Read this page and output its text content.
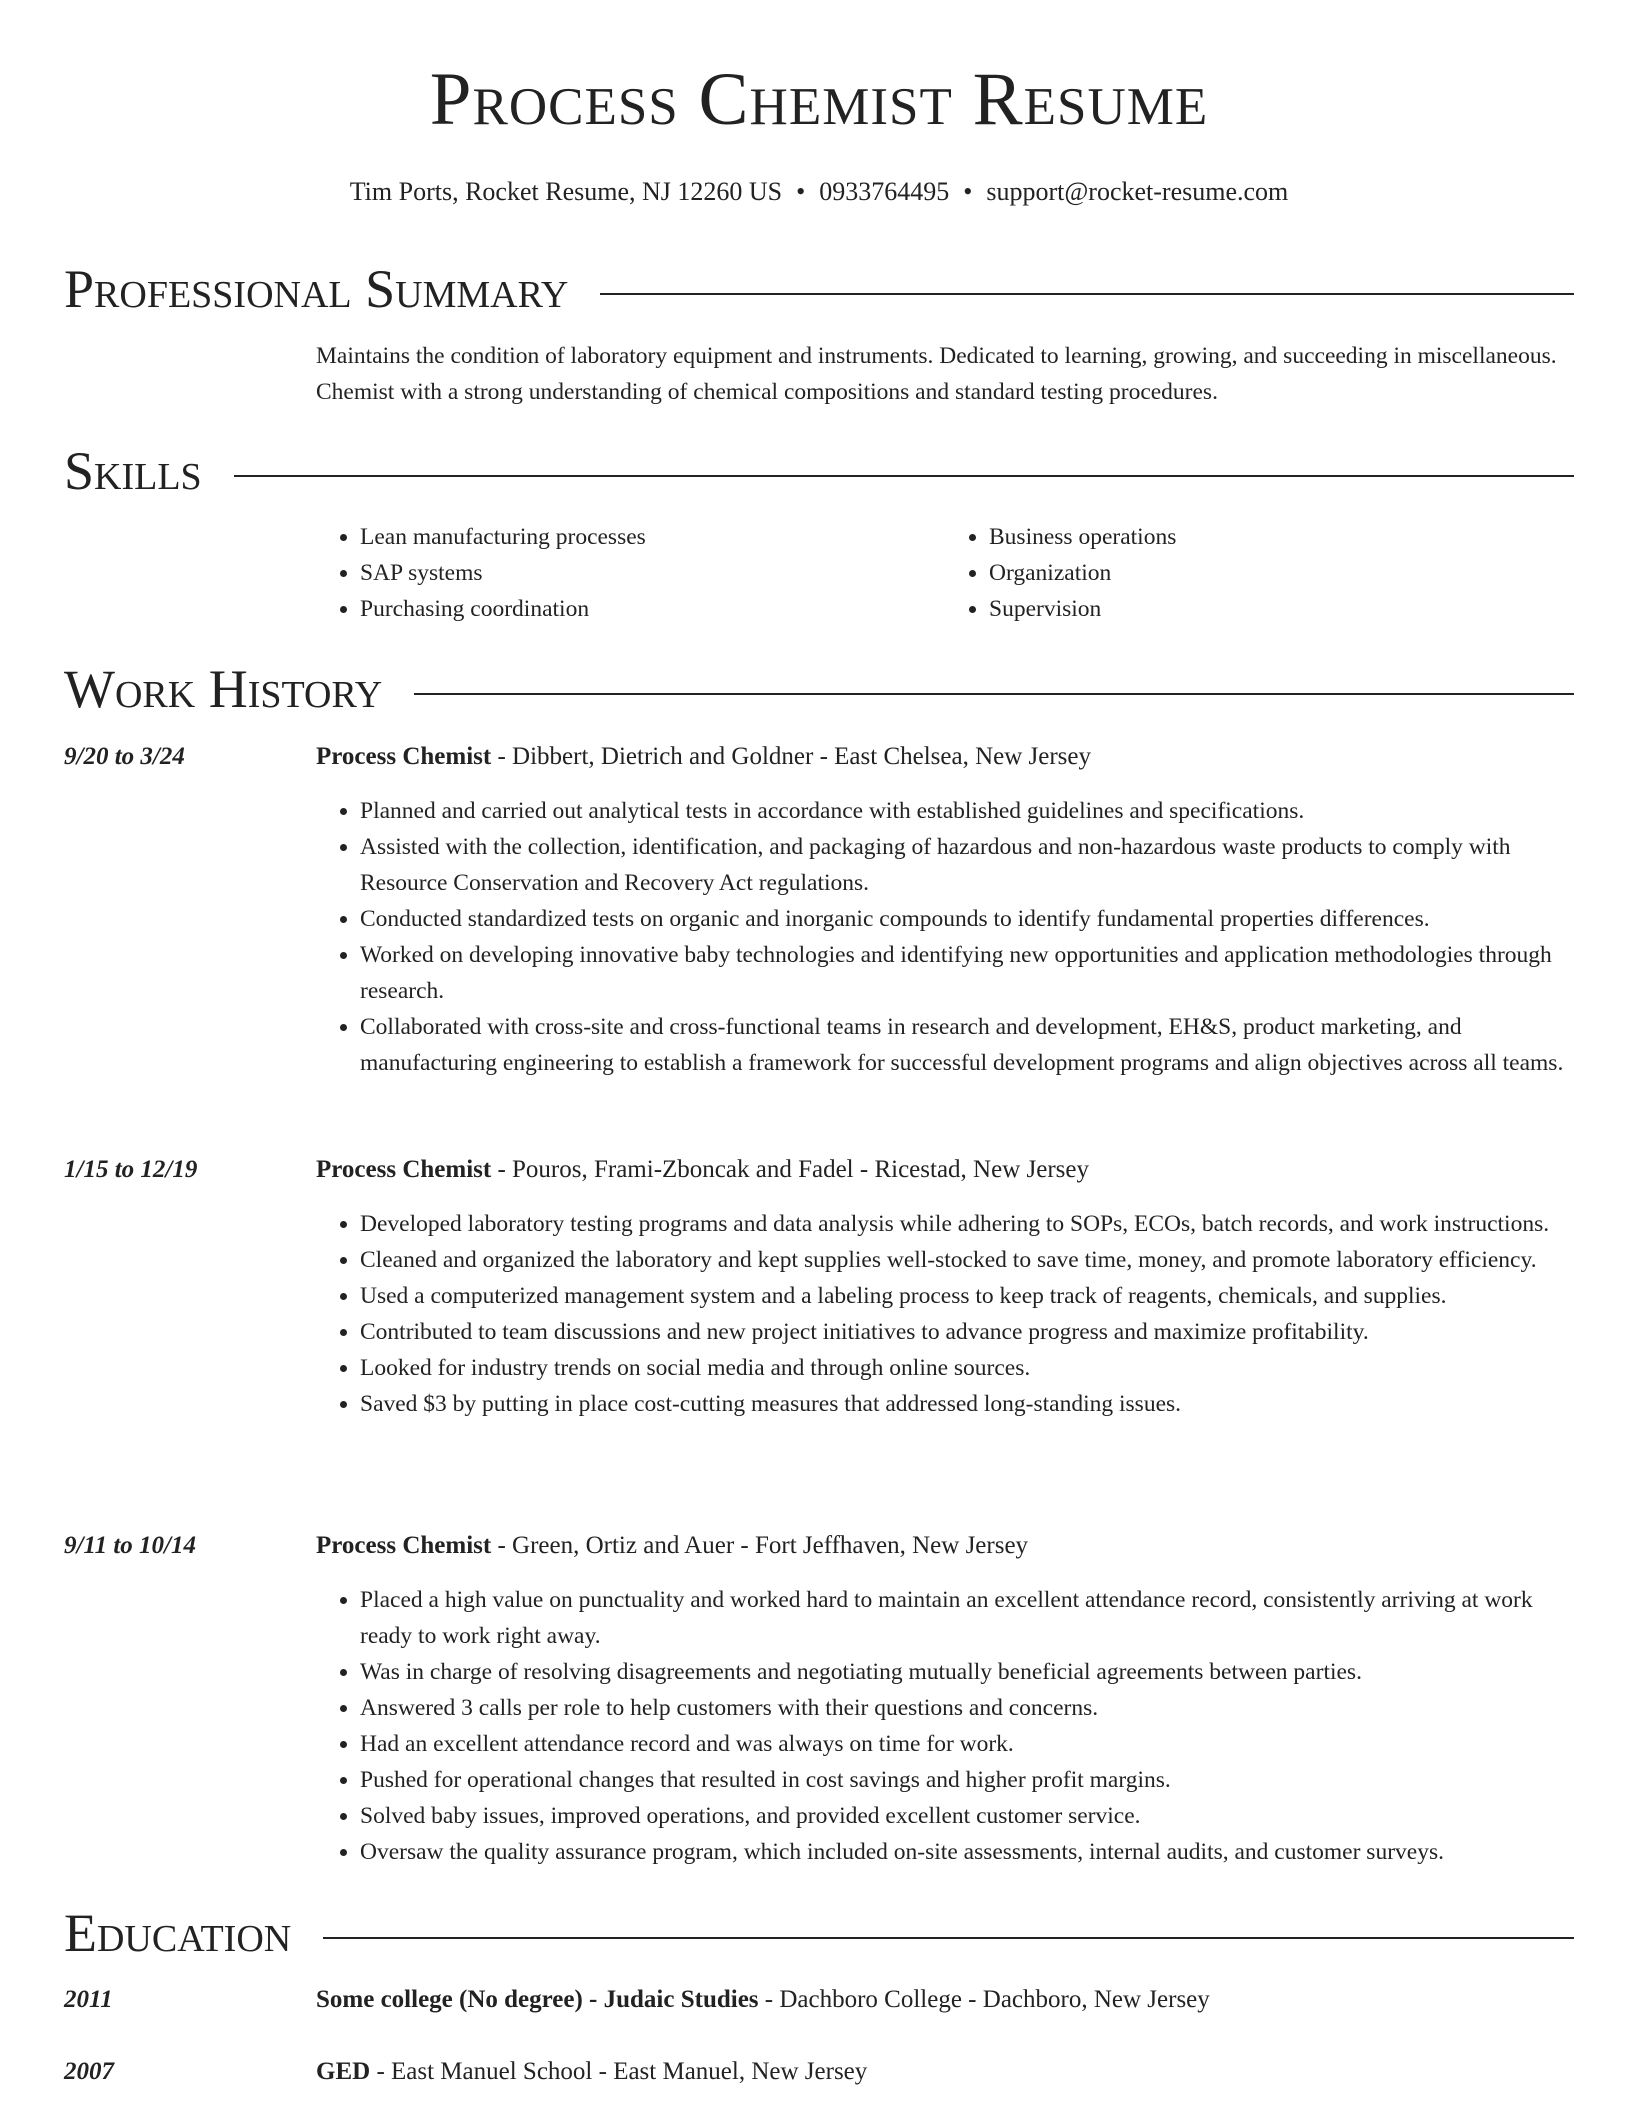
Process Chemist Resume
Tim Ports, Rocket Resume, NJ 12260 US • 0933764495 • support@rocket-resume.com
Professional Summary

Maintains the condition of laboratory equipment and instruments. Dedicated to learning, growing, and succeeding in miscellaneous. Chemist with a strong understanding of chemical compositions and standard testing procedures.

Skills
• Lean manufacturing processes
• SAP systems
• Purchasing coordination
• Business operations
• Organization
• Supervision
Work History
9/20 to 3/24	Process Chemist - Dibbert, Dietrich and Goldner - East Chelsea, New Jersey
• Planned and carried out analytical tests in accordance with established guidelines and specifications.
• Assisted with the collection, identification, and packaging of hazardous and non-hazardous waste products to comply with Resource Conservation and Recovery Act regulations.
• Conducted standardized tests on organic and inorganic compounds to identify fundamental properties differences.
• Worked on developing innovative baby technologies and identifying new opportunities and application methodologies through research.
• Collaborated with cross-site and cross-functional teams in research and development, EH&S, product marketing, and manufacturing engineering to establish a framework for successful development programs and align objectives across all teams.
1/15 to 12/19	Process Chemist - Pouros, Frami-Zboncak and Fadel - Ricestad, New Jersey
• Developed laboratory testing programs and data analysis while adhering to SOPs, ECOs, batch records, and work instructions.
• Cleaned and organized the laboratory and kept supplies well-stocked to save time, money, and promote laboratory efficiency.
• Used a computerized management system and a labeling process to keep track of reagents, chemicals, and supplies.
• Contributed to team discussions and new project initiatives to advance progress and maximize profitability.
• Looked for industry trends on social media and through online sources.
• Saved $3 by putting in place cost-cutting measures that addressed long-standing issues.
9/11 to 10/14	Process Chemist - Green, Ortiz and Auer - Fort Jeffhaven, New Jersey
• Placed a high value on punctuality and worked hard to maintain an excellent attendance record, consistently arriving at work ready to work right away.
• Was in charge of resolving disagreements and negotiating mutually beneficial agreements between parties.
• Answered 3 calls per role to help customers with their questions and concerns.
• Had an excellent attendance record and was always on time for work.
• Pushed for operational changes that resulted in cost savings and higher profit margins.
• Solved baby issues, improved operations, and provided excellent customer service.
• Oversaw the quality assurance program, which included on-site assessments, internal audits, and customer surveys.
Education
2011	Some college (No degree) - Judaic Studies - Dachboro College - Dachboro, New Jersey
2007	GED - East Manuel School - East Manuel, New Jersey
